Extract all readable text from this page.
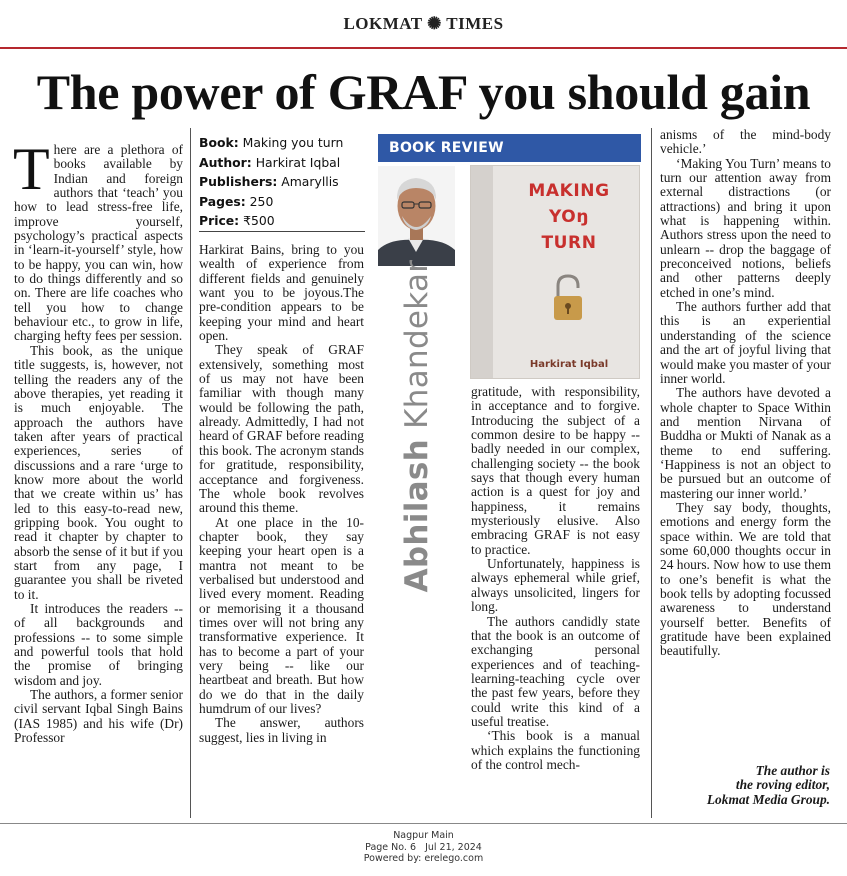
LOKMAT ✺ TIMES
The power of GRAF you should gain

There are a plethora of books available by Indian and foreign authors that ‘teach’ you how to lead stress-free life, improve yourself, psychology’s practical aspects in ‘learn-it-yourself’ style, how to be happy, you can win, how to do things differently and so on. There are life coaches who tell you how to change behaviour etc., to grow in life, charging hefty fees per session.

This book, as the unique title suggests, is, however, not telling the readers any of the above therapies, yet reading it is much enjoyable. The approach the authors have taken after years of practical experiences, series of discussions and a rare ‘urge to know more about the world that we create within us’ has led to this easy-to-read new, gripping book. You ought to read it chapter by chapter to absorb the sense of it but if you start from any page, I guarantee you shall be riveted to it.

It introduces the readers -- of all backgrounds and professions -- to some simple and powerful tools that hold the promise of bringing wisdom and joy.

The authors, a former senior civil servant Iqbal Singh Bains (IAS 1985) and his wife (Dr) Professor

Book: Making you turn
Author: Harkirat Iqbal
Publishers: Amaryllis
Pages: 250
Price: ₹500

Harkirat Bains, bring to you wealth of experience from different fields and genuinely want you to be joyous.The pre-condition appears to be keeping your mind and heart open.

They speak of GRAF extensively, something most of us may not have been familiar with though many would be following the path, already. Admittedly, I had not heard of GRAF before reading this book. The acronym stands for gratitude, responsibility, acceptance and forgiveness. The whole book revolves around this theme.

At one place in the 10-chapter book, they say keeping your heart open is a mantra not meant to be verbalised but understood and lived every moment. Reading or memorising it a thousand times over will not bring any transformative experience. It has to become a part of your very being -- like our heartbeat and breath. But how do we do that in the daily humdrum of our lives?

The answer, authors suggest, lies in living in

BOOK REVIEW
Abhilash Khandekar
MAKING
YOŋ
TURN
Harkirat Iqbal

gratitude, with responsibility, in acceptance and to forgive. Introducing the subject of a common desire to be happy -- badly needed in our complex, challenging society -- the book says that though every human action is a quest for joy and happiness, it remains mysteriously elusive. Also embracing GRAF is not easy to practice.

Unfortunately, happiness is always ephemeral while grief, always unsolicited, lingers for long.

The authors candidly state that the book is an outcome of exchanging personal experiences and of teaching-learning-teaching cycle over the past few years, before they could write this kind of a useful treatise.

‘This book is a manual which explains the functioning of the control mech-

anisms of the mind-body vehicle.’

‘Making You Turn’ means to turn our attention away from external distractions (or attractions) and bring it upon what is happening within. Authors stress upon the need to unlearn -- drop the baggage of preconceived notions, beliefs and other patterns deeply etched in one’s mind.

The authors further add that this is an experiential understanding of the science and the art of joyful living that would make you master of your inner world.

The authors have devoted a whole chapter to Space Within and mention Nirvana of Buddha or Mukti of Nanak as a theme to end suffering. ‘Happiness is not an object to be pursued but an outcome of mastering our inner world.’

They say body, thoughts, emotions and energy form the space within. We are told that some 60,000 thoughts occur in 24 hours. Now how to use them to one’s benefit is what the book tells by adopting focussed awareness to understand yourself better. Benefits of gratitude have been explained beautifully.

The author is
the roving editor,
Lokmat Media Group.
Nagpur Main
Page No. 6 Jul 21, 2024
Powered by: erelego.com
